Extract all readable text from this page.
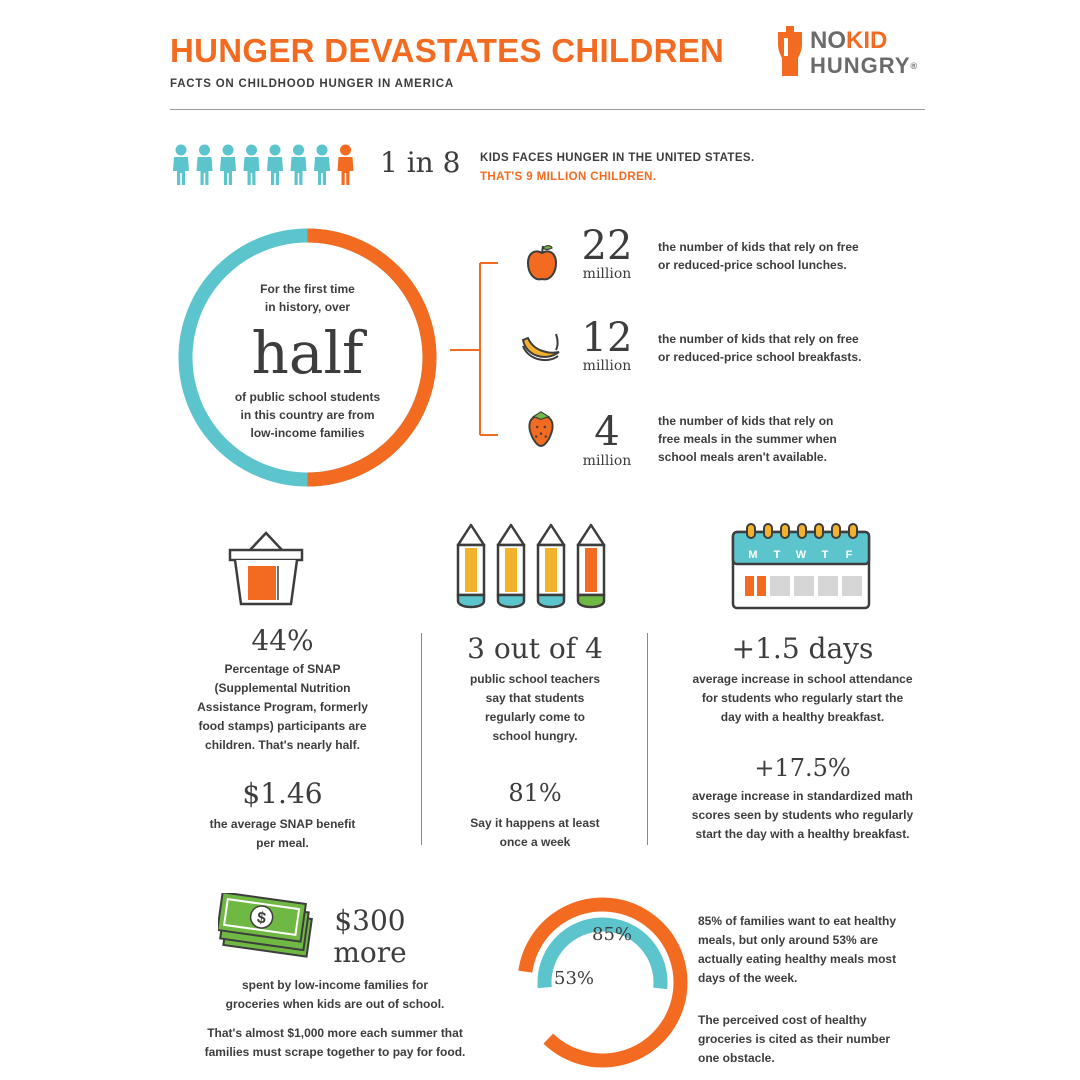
HUNGER DEVASTATES CHILDREN
FACTS ON CHILDHOOD HUNGER IN AMERICA
NOKID
HUNGRY®
1 in 8 KIDS FACES HUNGER IN THE UNITED STATES.
THAT'S 9 MILLION CHILDREN.
For the first time
in history, over
half
of public school students
in this country are from
low-income families
22
million
the number of kids that rely on free
or reduced-price school lunches.
12
million
the number of kids that rely on free
or reduced-price school breakfasts.
4
million
the number of kids that rely on
free meals in the summer when
school meals aren't available.
M T W T F
44%
Percentage of SNAP
(Supplemental Nutrition
Assistance Program, formerly
food stamps) participants are
children. That's nearly half.
$1.46
the average SNAP benefit
per meal.
3 out of 4
public school teachers
say that students
regularly come to
school hungry.
81%
Say it happens at least
once a week
+1.5 days
average increase in school attendance
for students who regularly start the
day with a healthy breakfast.
+17.5%
average increase in standardized math
scores seen by students who regularly
start the day with a healthy breakfast.
$	$300
more
spent by low-income families for
groceries when kids are out of school.
That's almost $1,000 more each summer that
families must scrape together to pay for food.
85%
53%
85% of families want to eat healthy
meals, but only around 53% are
actually eating healthy meals most
days of the week.
The perceived cost of healthy
groceries is cited as their number
one obstacle.
